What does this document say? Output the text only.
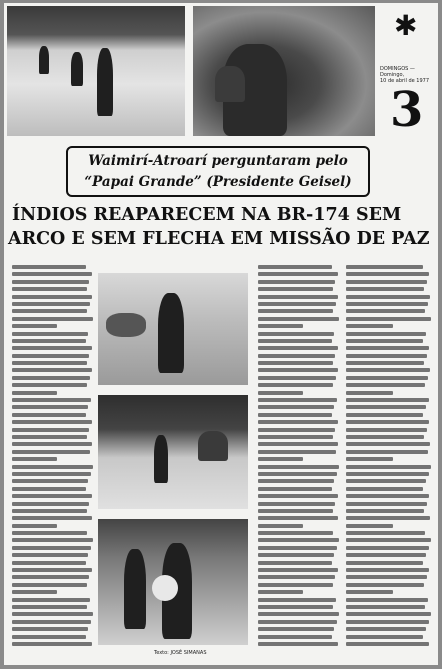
✱
DOMINGOS — Domingo,
10 de abril de 1977
3
Waimirí-Atroarí perguntaram pelo
“Papai Grande” (Presidente Geisel)
ÍNDIOS REAPARECEM NA BR-174 SEM
ARCO E SEM FLECHA EM MISSÃO DE PAZ
Texto: JOSÉ SIMANAS
